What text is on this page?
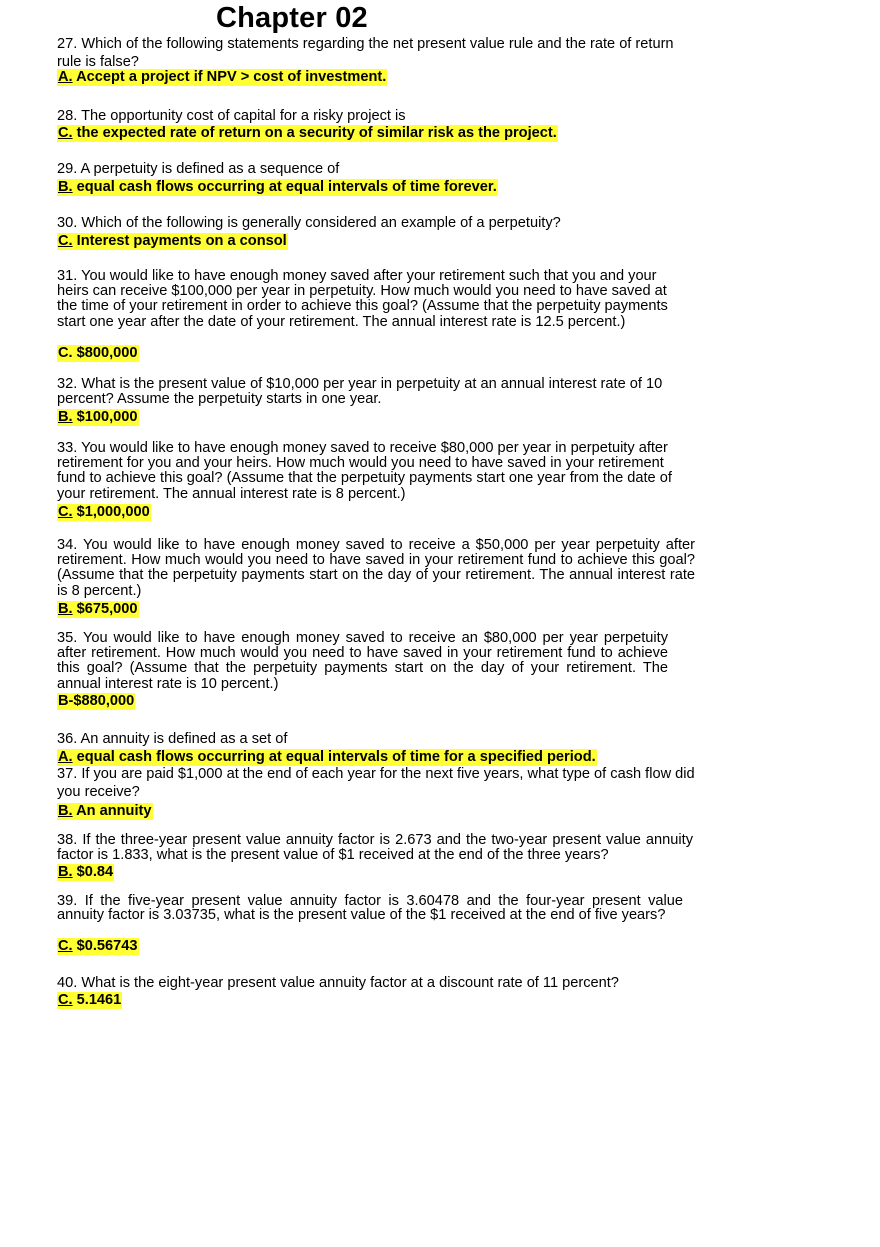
Chapter 02
27. Which of the following statements regarding the net present value rule and the rate of return rule is false?
A. Accept a project if NPV > cost of investment.
28. The opportunity cost of capital for a risky project is
C. the expected rate of return on a security of similar risk as the project.
29. A perpetuity is defined as a sequence of
B. equal cash flows occurring at equal intervals of time forever.
30. Which of the following is generally considered an example of a perpetuity?
C. Interest payments on a consol
31. You would like to have enough money saved after your retirement such that you and your heirs can receive $100,000 per year in perpetuity. How much would you need to have saved at the time of your retirement in order to achieve this goal? (Assume that the perpetuity payments start one year after the date of your retirement. The annual interest rate is 12.5 percent.)
C. $800,000
32. What is the present value of $10,000 per year in perpetuity at an annual interest rate of 10 percent? Assume the perpetuity starts in one year.
B. $100,000
33. You would like to have enough money saved to receive $80,000 per year in perpetuity after retirement for you and your heirs. How much would you need to have saved in your retirement fund to achieve this goal? (Assume that the perpetuity payments start one year from the date of your retirement. The annual interest rate is 8 percent.)
C. $1,000,000
34. You would like to have enough money saved to receive a $50,000 per year perpetuity after retirement. How much would you need to have saved in your retirement fund to achieve this goal? (Assume that the perpetuity payments start on the day of your retirement. The annual interest rate is 8 percent.)
B. $675,000
35. You would like to have enough money saved to receive an $80,000 per year perpetuity after retirement. How much would you need to have saved in your retirement fund to achieve this goal? (Assume that the perpetuity payments start on the day of your retirement. The annual interest rate is 10 percent.)
B-$880,000
36. An annuity is defined as a set of
A. equal cash flows occurring at equal intervals of time for a specified period.
37. If you are paid $1,000 at the end of each year for the next five years, what type of cash flow did you receive?
B. An annuity
38. If the three-year present value annuity factor is 2.673 and the two-year present value annuity factor is 1.833, what is the present value of $1 received at the end of the three years?
B. $0.84
39. If the five-year present value annuity factor is 3.60478 and the four-year present value annuity factor is 3.03735, what is the present value of the $1 received at the end of five years?
C. $0.56743
40. What is the eight-year present value annuity factor at a discount rate of 11 percent?
C. 5.1461
